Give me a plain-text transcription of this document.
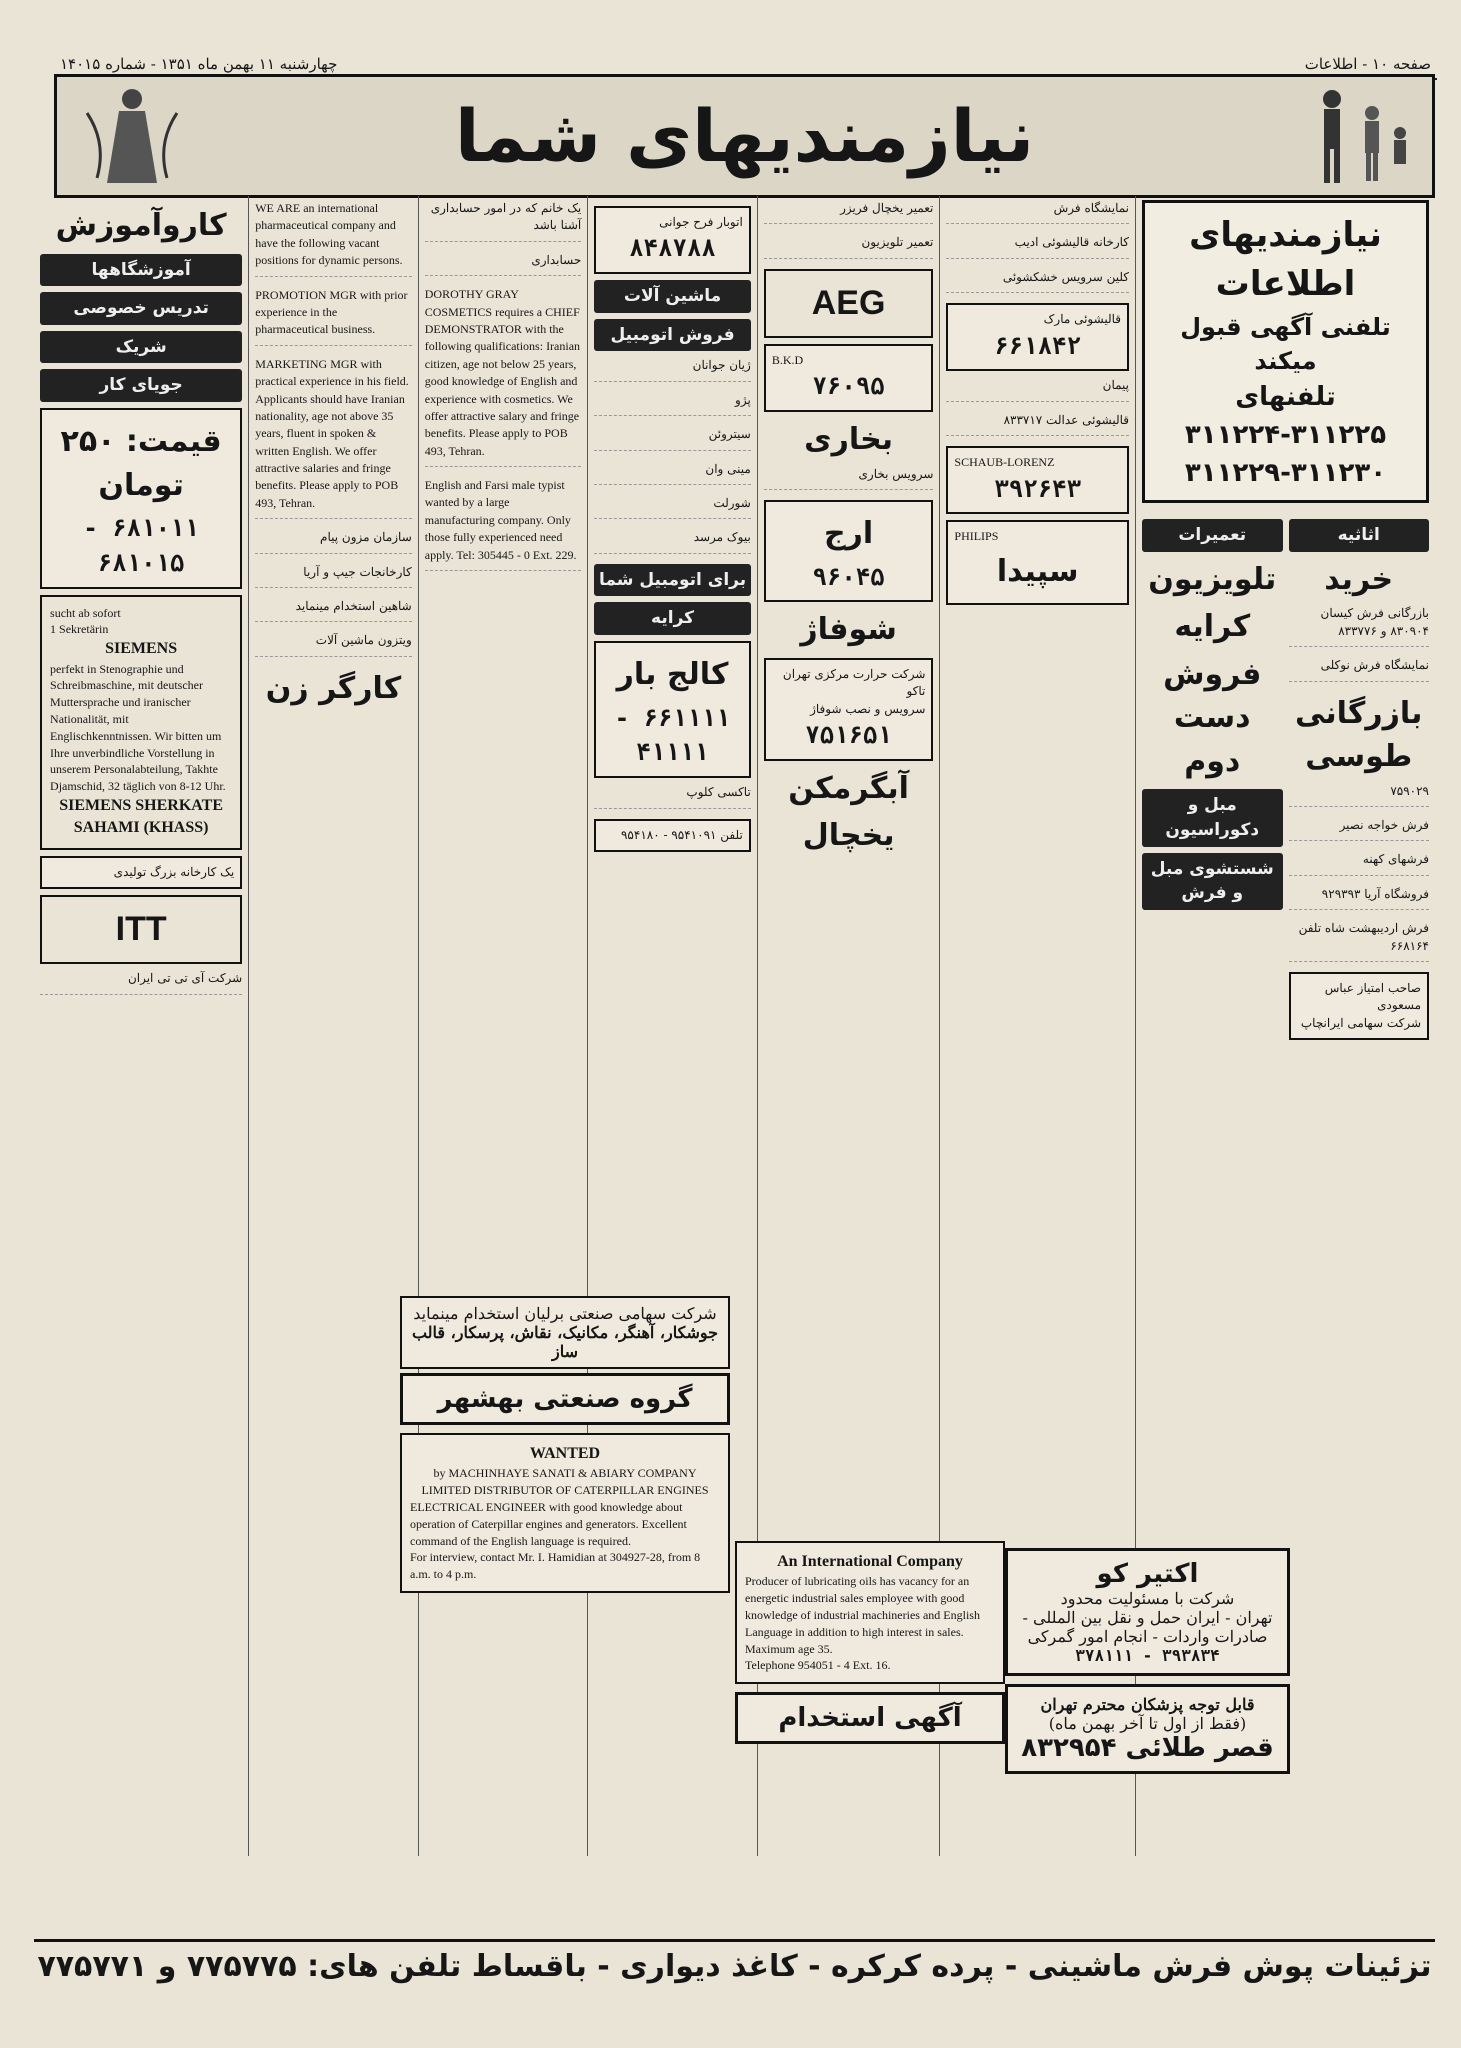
صفحه ۱۰ - اطلاعات
چهارشنبه ۱۱ بهمن ماه ۱۳۵۱ - شماره ۱۴۰۱۵
نیازمندیهای شما
نیازمندیهای اطلاعات
تلفنی آگهی قبول میکند
تلفنهای
۳۱۱۲۲۴-۳۱۱۲۲۵
۳۱۱۲۲۹-۳۱۱۲۳۰
اثاثیه
خرید
بازرگانی فرش کیسان ۸۳۰۹۰۴ و ۸۳۳۷۷۶
نمایشگاه فرش نوکلی
بازرگانی طوسی
۷۵۹۰۲۹
فرش خواجه نصیر
فرشهای کهنه
فروشگاه آریا ۹۲۹۳۹۳
فرش اردیبهشت شاه تلفن ۶۶۸۱۶۴
صاحب امتیاز عباس مسعودی
شرکت سهامی ایرانچاپ
تعمیرات
تلویزیون
کرایه
فروش دست دوم
مبل و دکوراسیون
شستشوی مبل و فرش
نمایشگاه فرش
کارخانه قالیشوئی ادیب
کلین سرویس خشکشوئی
قالیشوئی مارک
۶۶۱۸۴۲
پیمان
قالیشوئی عدالت ۸۳۳۷۱۷
SCHAUB-LORENZ
۳۹۲۶۴۳
PHILIPS
سپیدا
تعمیر یخچال فریزر
تعمیر تلویزیون
AEG
B.K.D
۷۶۰۹۵
بخاری
سرویس بخاری
ارج
۹۶۰۴۵
شوفاژ
شرکت حرارت مرکزی تهران تاکو
سرویس و نصب شوفاژ
۷۵۱۶۵۱
آبگرمکن
یخچال
اتوبار فرح جوانی
۸۴۸۷۸۸
ماشین آلات
فروش اتومبیل
ژیان جوانان
پژو
سیتروئن
مینی وان
شورلت
بیوک مرسد
برای اتومبیل شما
کرایه
کالج بار
۶۶۱۱۱۱ - ۴۱۱۱۱
تاکسی کلوپ
تلفن ۹۵۴۱۰۹۱ - ۹۵۴۱۸۰
یک خانم که در امور حسابداری آشنا باشد
حسابداری
DOROTHY GRAY COSMETICS requires a CHIEF DEMONSTRATOR with the following qualifications: Iranian citizen, age not below 25 years, good knowledge of English and experience with cosmetics. We offer attractive salary and fringe benefits. Please apply to POB 493, Tehran.
English and Farsi male typist wanted by a large manufacturing company. Only those fully experienced need apply. Tel: 305445 - 0 Ext. 229.
WE ARE an international pharmaceutical company and have the following vacant positions for dynamic persons.
PROMOTION MGR with prior experience in the pharmaceutical business.
MARKETING MGR with practical experience in his field. Applicants should have Iranian nationality, age not above 35 years, fluent in spoken & written English. We offer attractive salaries and fringe benefits. Please apply to POB 493, Tehran.
سازمان مزون پیام
کارخانجات جیپ و آریا
شاهین استخدام مینماید
ویتزون ماشین آلات
کارگر زن
کاروآموزش
آموزشگاهها
تدریس خصوصی
شریک
جویای کار
قیمت: ۲۵۰ تومان
۶۸۱۰۱۱ - ۶۸۱۰۱۵
sucht ab sofort
1 Sekretärin
SIEMENS
perfekt in Stenographie und Schreibmaschine, mit deutscher Muttersprache und iranischer Nationalität, mit Englischkenntnissen. Wir bitten um Ihre unverbindliche Vorstellung in unserem Personalabteilung, Takhte Djamschid, 32 täglich von 8-12 Uhr.
SIEMENS SHERKATE SAHAMI (KHASS)
یک کارخانه بزرگ تولیدی
ITT
شرکت آی تی تی ایران
گروه صنعتی بهشهر
WANTED
by MACHINHAYE SANATI & ABIARY COMPANY LIMITED DISTRIBUTOR OF CATERPILLAR ENGINES
ELECTRICAL ENGINEER with good knowledge about operation of Caterpillar engines and generators. Excellent command of the English language is required.
For interview, contact Mr. I. Hamidian at 304927-28, from 8 a.m. to 4 p.m.
شرکت سهامی صنعتی برلیان استخدام مینماید
جوشکار، آهنگر، مکانیک، نقاش، پرسکار، قالب ساز
An International Company
Producer of lubricating oils has vacancy for an energetic industrial sales employee with good knowledge of industrial machineries and English Language in addition to high interest in sales.
Maximum age 35.
Telephone 954051 - 4 Ext. 16.
آگهی استخدام
اکتیر کو
شرکت با مسئولیت محدود
تهران - ایران حمل و نقل بین المللی - صادرات واردات - انجام امور گمرکی
۳۹۳۸۳۴ - ۳۷۸۱۱۱
قابل توجه پزشکان محترم تهران
(فقط از اول تا آخر بهمن ماه)
قصر طلائی ۸۳۲۹۵۴
تزئینات پوش فرش ماشینی - پرده کرکره - کاغذ دیواری - باقساط تلفن های: ۷۷۵۷۷۵ و ۷۷۵۷۷۱
